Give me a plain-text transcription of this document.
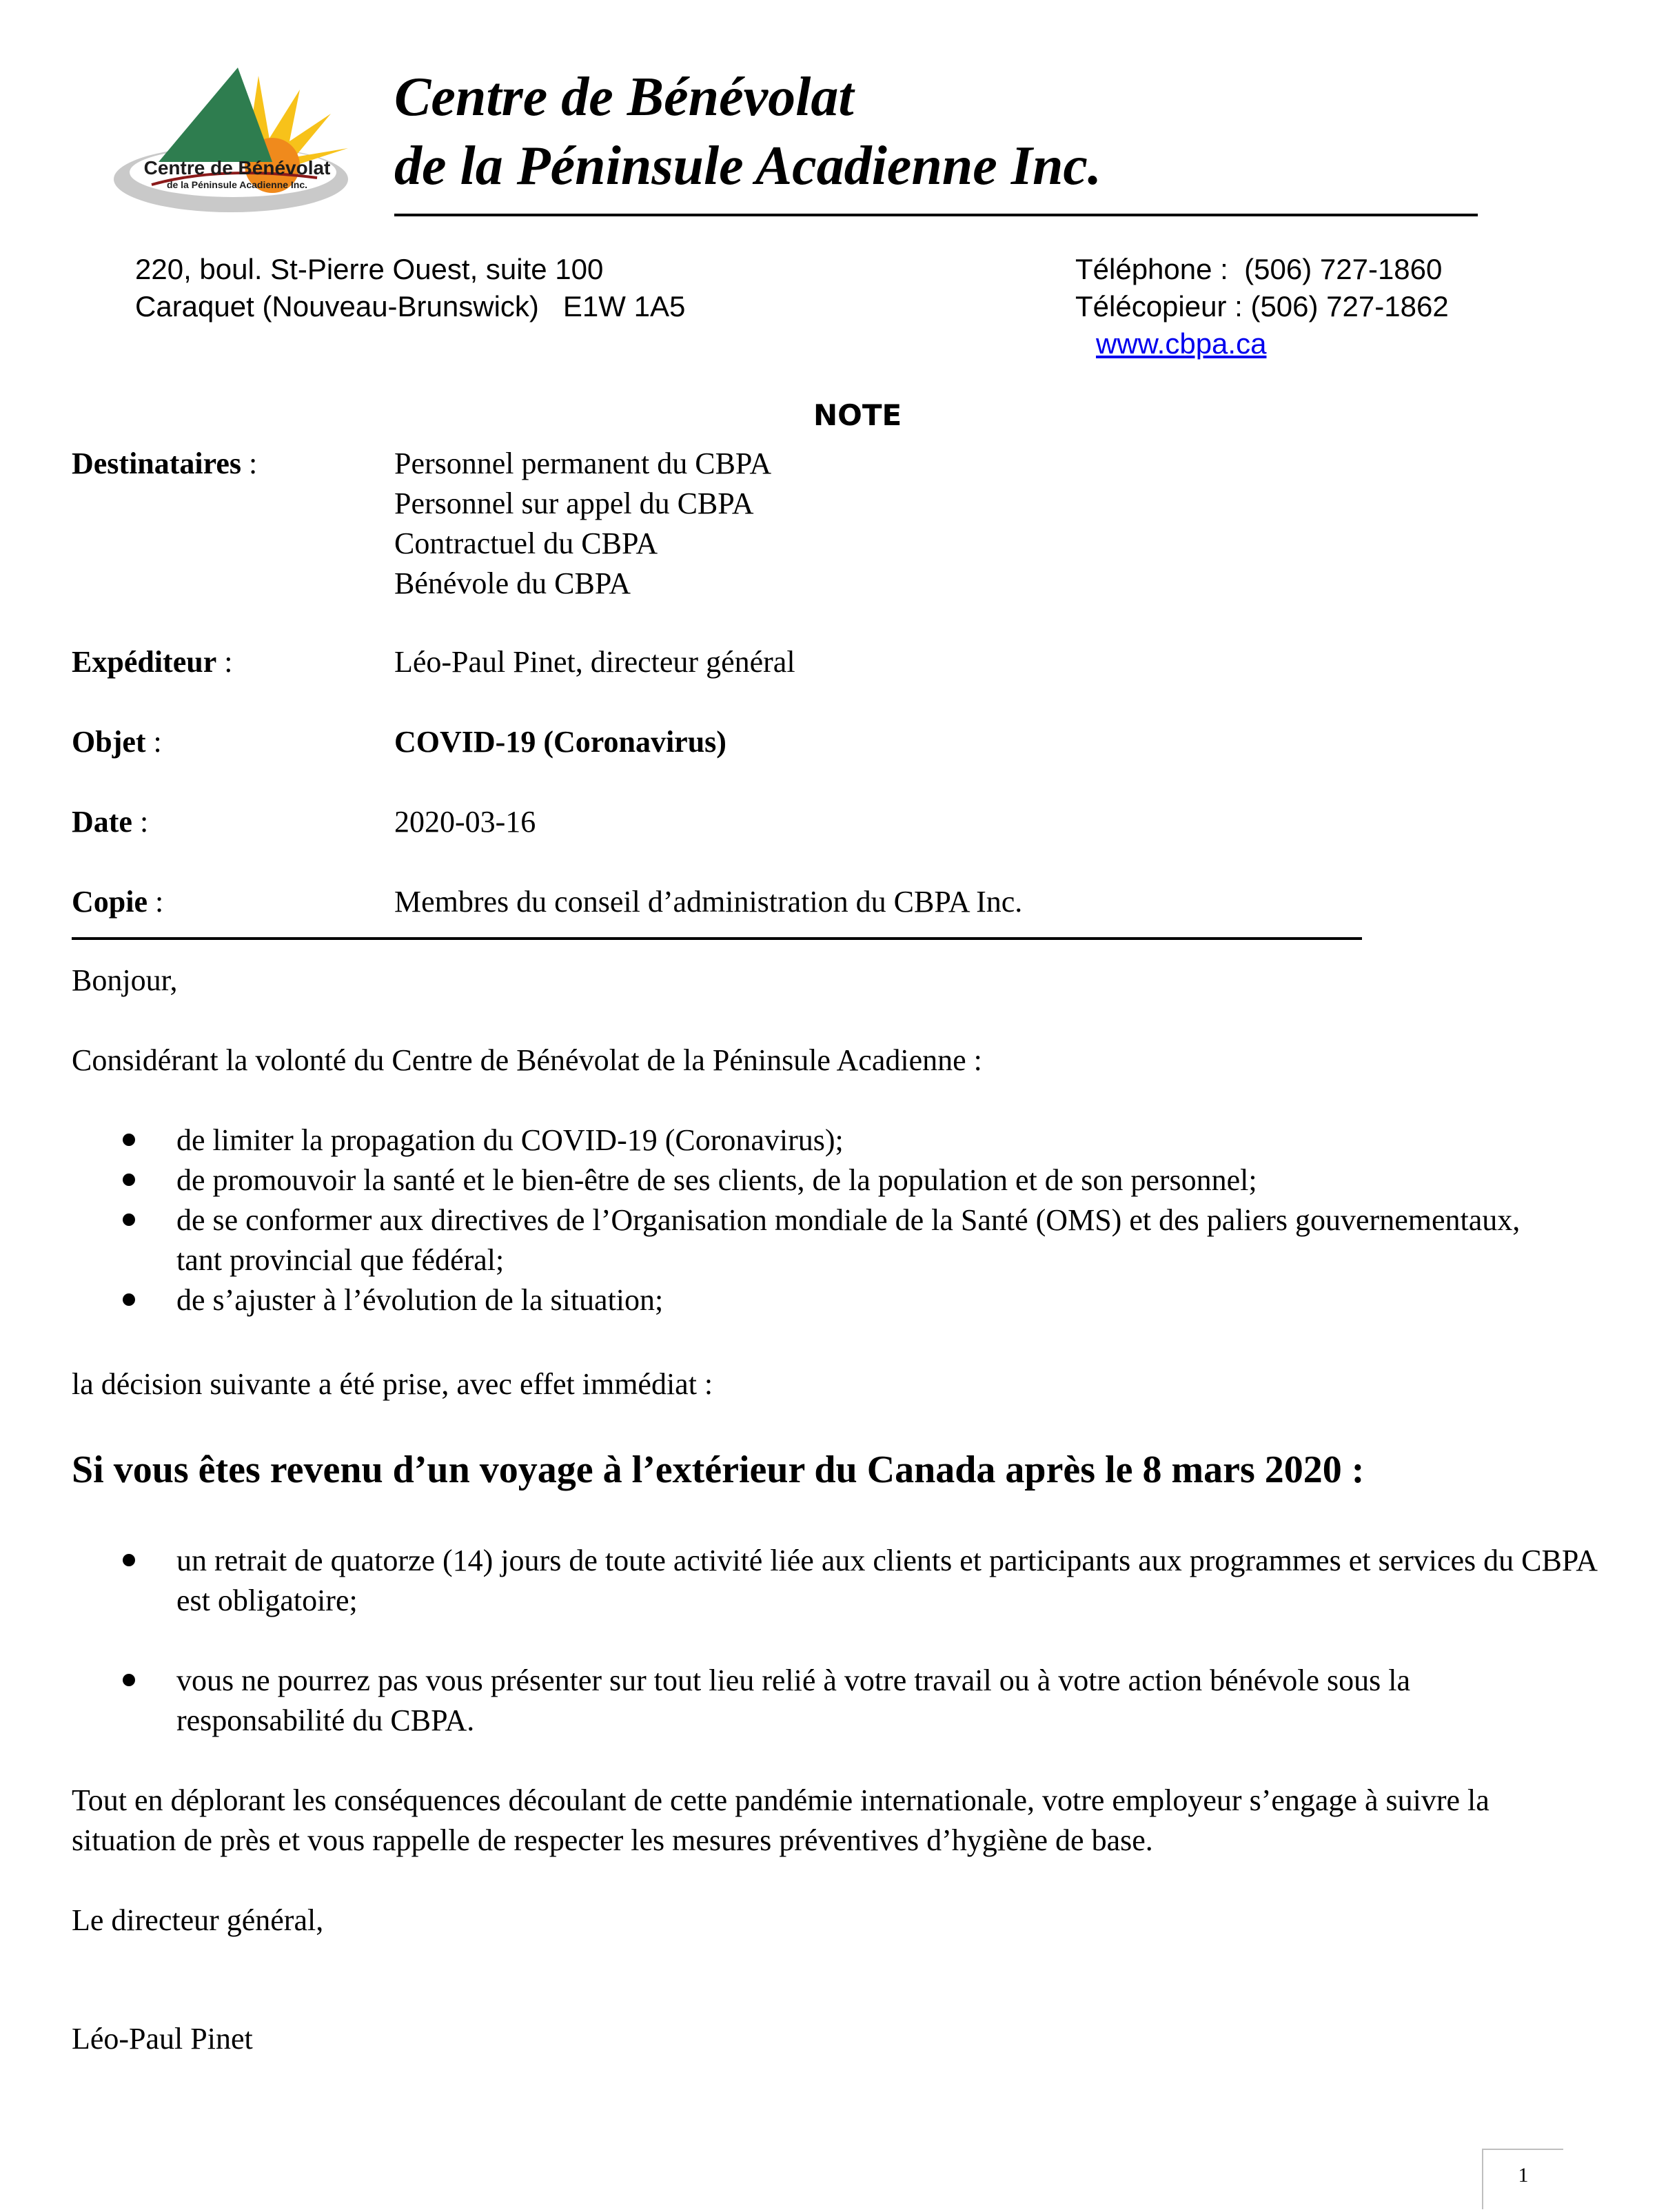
Centre de Bénévolat
de la Péninsule Acadienne Inc.
Centre de Bénévolat
de la Péninsule Acadienne Inc.
220, boul. St-Pierre Ouest, suite 100
Caraquet (Nouveau-Brunswick)   E1W 1A5
Téléphone :  (506) 727-1860
Télécopieur : (506) 727-1862
www.cbpa.ca
NOTE
Destinataires :	Personnel permanent du CBPA
Personnel sur appel du CBPA
Contractuel du CBPA
Bénévole du CBPA
Expéditeur :	Léo-Paul Pinet, directeur général
Objet :	COVID-19 (Coronavirus)
Date :	2020-03-16
Copie :	Membres du conseil d’administration du CBPA Inc.
Bonjour,
Considérant la volonté du Centre de Bénévolat de la Péninsule Acadienne :
de limiter la propagation du COVID-19 (Coronavirus);
de promouvoir la santé et le bien-être de ses clients, de la population et de son personnel;
de se conformer aux directives de l’Organisation mondiale de la Santé (OMS) et des paliers gouvernementaux, tant provincial que fédéral;
de s’ajuster à l’évolution de la situation;
la décision suivante a été prise, avec effet immédiat :
Si vous êtes revenu d’un voyage à l’extérieur du Canada après le 8 mars 2020 :
un retrait de quatorze (14) jours de toute activité liée aux clients et participants aux programmes et services du CBPA est obligatoire;
vous ne pourrez pas vous présenter sur tout lieu relié à votre travail ou à votre action bénévole sous la responsabilité du CBPA.
Tout en déplorant les conséquences découlant de cette pandémie internationale, votre employeur s’engage à suivre la situation de près et vous rappelle de respecter les mesures préventives d’hygiène de base.
Le directeur général,
Léo-Paul Pinet
1
